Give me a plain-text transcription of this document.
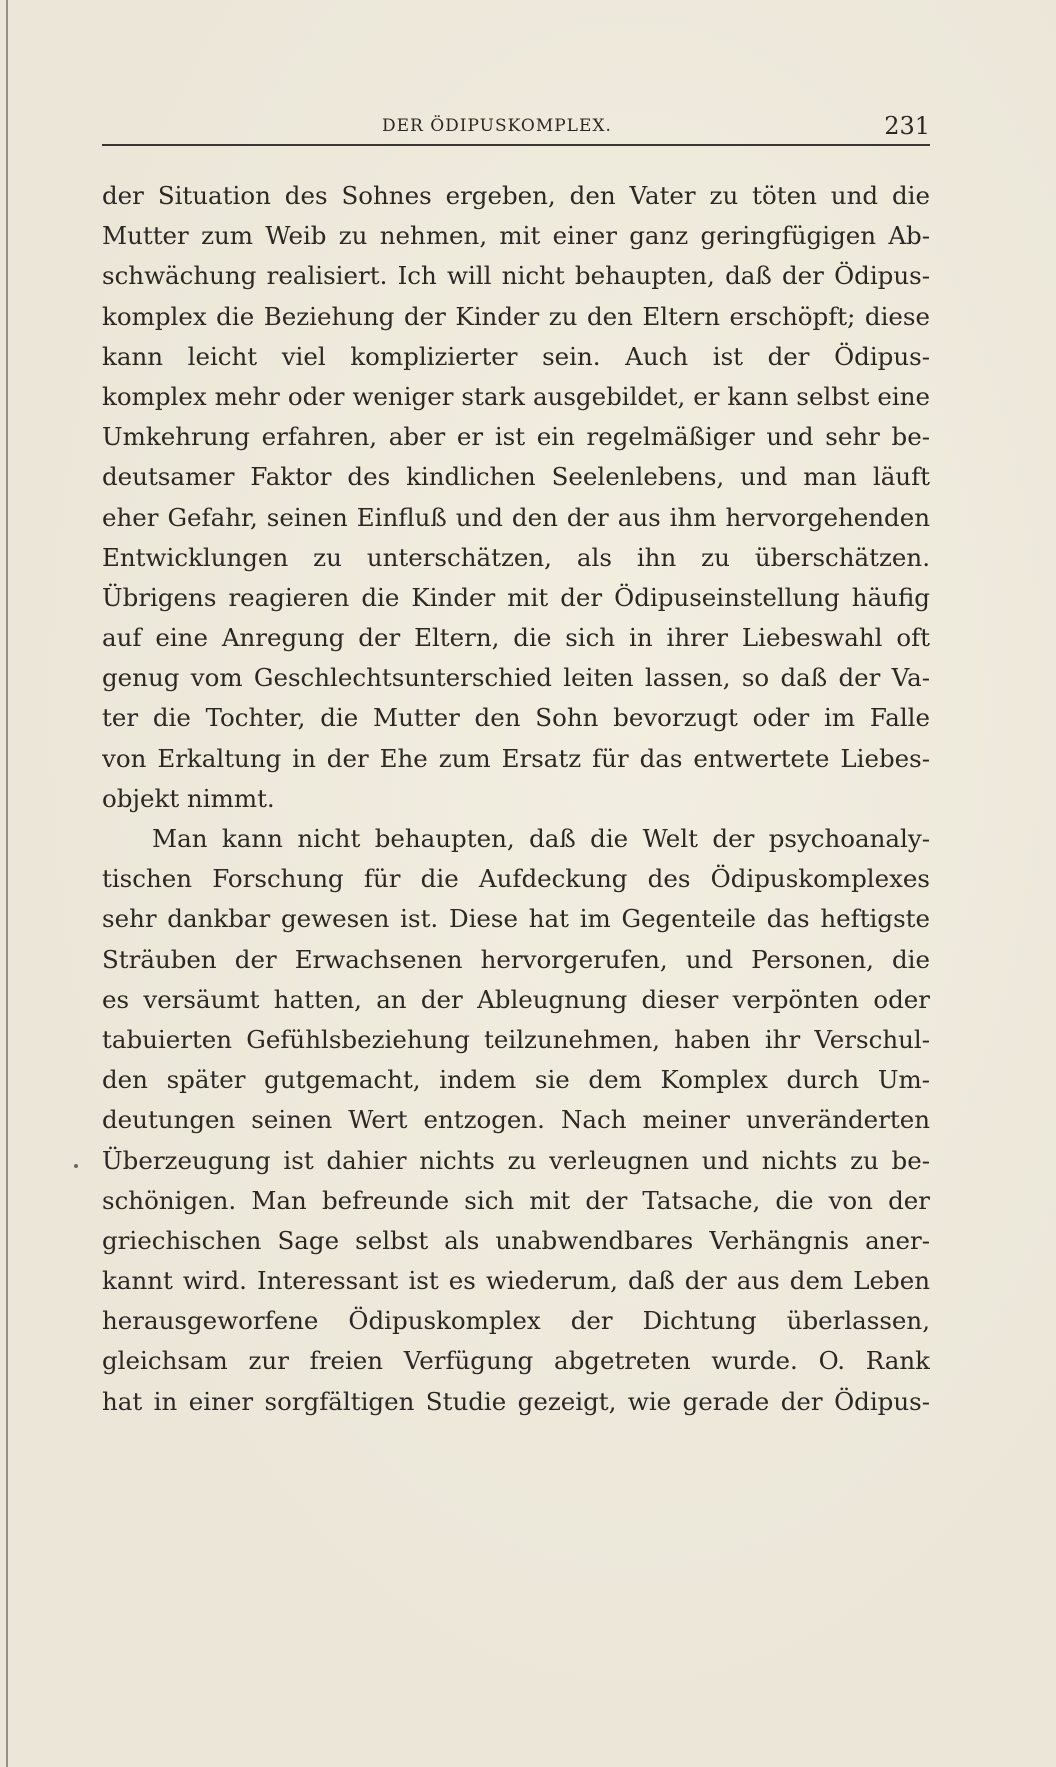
DER ÖDIPUSKOMPLEX.	231
der Situation des Sohnes ergeben, den Vater zu töten und die
Mutter zum Weib zu nehmen, mit einer ganz geringfügigen Ab-
schwächung realisiert. Ich will nicht behaupten, daß der Ödipus-
komplex die Beziehung der Kinder zu den Eltern erschöpft; diese
kann leicht viel komplizierter sein. Auch ist der Ödipus-
komplex mehr oder weniger stark ausgebildet, er kann selbst eine
Umkehrung erfahren, aber er ist ein regelmäßiger und sehr be-
deutsamer Faktor des kindlichen Seelenlebens, und man läuft
eher Gefahr, seinen Einfluß und den der aus ihm hervorgehenden
Entwicklungen zu unterschätzen, als ihn zu überschätzen.
Übrigens reagieren die Kinder mit der Ödipuseinstellung häufig
auf eine Anregung der Eltern, die sich in ihrer Liebeswahl oft
genug vom Geschlechtsunterschied leiten lassen, so daß der Va-
ter die Tochter, die Mutter den Sohn bevorzugt oder im Falle
von Erkaltung in der Ehe zum Ersatz für das entwertete Liebes-
objekt nimmt.
Man kann nicht behaupten, daß die Welt der psychoanaly-
tischen Forschung für die Aufdeckung des Ödipuskomplexes
sehr dankbar gewesen ist. Diese hat im Gegenteile das heftigste
Sträuben der Erwachsenen hervorgerufen, und Personen, die
es versäumt hatten, an der Ableugnung dieser verpönten oder
tabuierten Gefühlsbeziehung teilzunehmen, haben ihr Verschul-
den später gutgemacht, indem sie dem Komplex durch Um-
deutungen seinen Wert entzogen. Nach meiner unveränderten
Überzeugung ist dahier nichts zu verleugnen und nichts zu be-
schönigen. Man befreunde sich mit der Tatsache, die von der
griechischen Sage selbst als unabwendbares Verhängnis aner-
kannt wird. Interessant ist es wiederum, daß der aus dem Leben
herausgeworfene Ödipuskomplex der Dichtung überlassen,
gleichsam zur freien Verfügung abgetreten wurde. O. Rank
hat in einer sorgfältigen Studie gezeigt, wie gerade der Ödipus-
